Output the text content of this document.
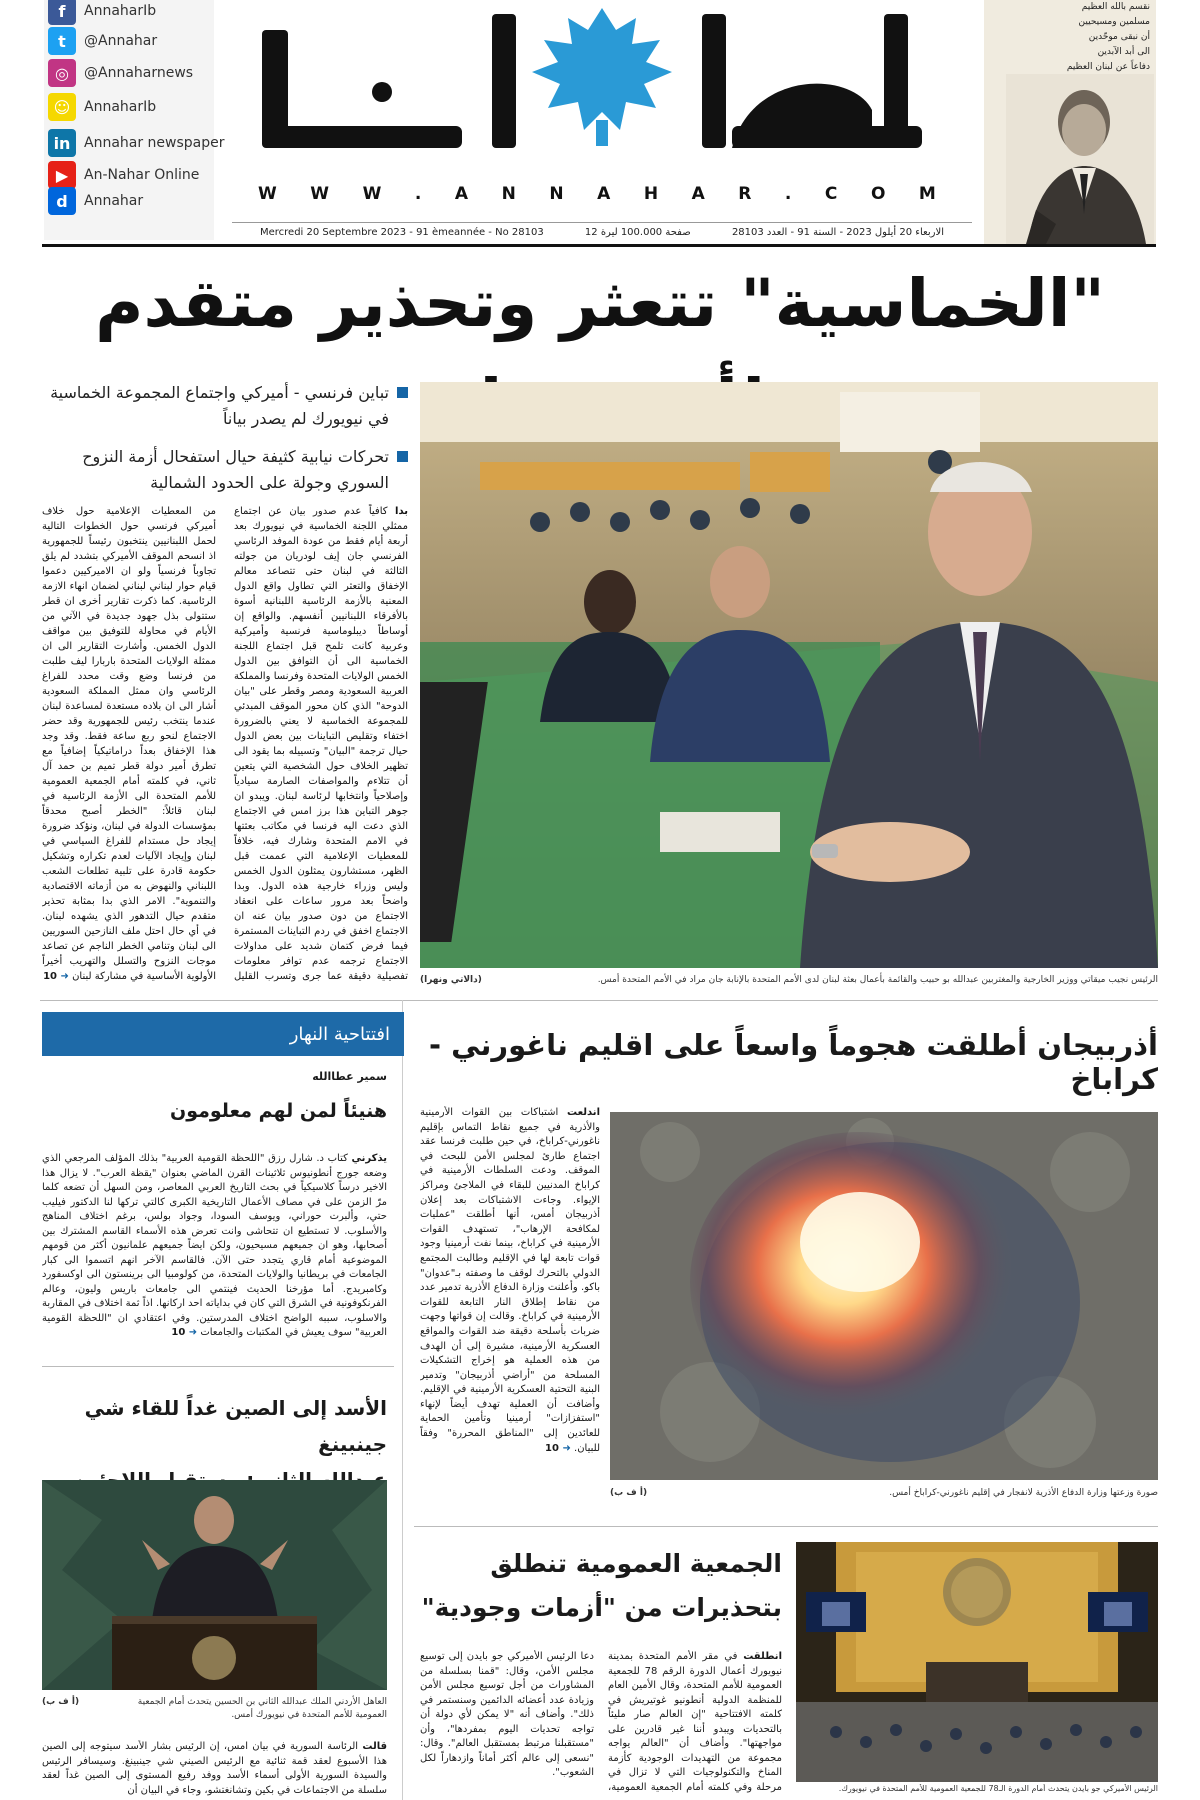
f	AnnaharIb
t	@Annahar
◎	@Annaharnews
☺ AnnaharIb
in Annahar newspaper
▶	An-Nahar Online
d	Annahar	W W W . A N N A H A R . C O M
Mercredi 20 Septembre 2023 - 91 èmeannée - No 28103	12 صفحة 100.000 ليرة	الاربعاء 20 أيلول 2023 - السنة 91 - العدد 28103
نقسم بالله العظيم
مسلمين ومسيحيين
أن نبقى موحّدين
الى أبد الآبدين
دفاعاً عن لبنان العظيم
"الخماسية" تتعثر وتحذير متقدم
تباين فرنسي - أميركي واجتماع المجموعة الخماسية في نيويورك لم يصدر بياناً
تحركات نيابية كثيفة حيال استفحال أزمة النزوح السوري وجولة على الحدود الشمالية
بدا كافياً عدم صدور بيان عن اجتماع ممثلي اللجنة الخماسية في نيويورك بعد أربعة أيام فقط من عودة الموفد الرئاسي الفرنسي جان إيف لودريان من جولته الثالثة في لبنان حتى تتصاعد معالم الإخفاق والتعثر التي تطاول واقع الدول المعنية بالأزمة الرئاسية اللبنانية أسوة بالأفرقاء اللبنانيين أنفسهم. والواقع إن أوساطاً ديبلوماسية فرنسية وأميركية وعربية كانت تلمح قبل اجتماع اللجنة الخماسية الى أن التوافق بين الدول الخمس الولايات المتحدة وفرنسا والمملكة العربية السعودية ومصر وقطر على "بيان الدوحة" الذي كان محور الموقف المبدئي للمجموعة الخماسية لا يعني بالضرورة اختفاء وتقليص التباينات بين بعض الدول حيال ترجمة "البيان" وتسييله بما يقود الى تظهير الخلاف حول الشخصية التي يتعين أن تتلاءم والمواصفات الصارمة سيادياً وإصلاحياً وانتخابها لرئاسة لبنان. ويبدو ان جوهر التباين هذا برز امس في الاجتماع الذي دعت اليه فرنسا في مكاتب بعثتها في الامم المتحدة وشارك فيه، خلافاً للمعطيات الإعلامية التي عممت قبل الظهر، مستشارون يمثلون الدول الخمس وليس وزراء خارجية هذه الدول. وبدا واضحاً بعد مرور ساعات على انعقاد الاجتماع من دون صدور بيان عنه ان الاجتماع اخفق في ردم التباينات المستمرة فيما فرض كتمان شديد على مداولات الاجتماع ترجمه عدم توافر معلومات تفصيلية دقيقة عما جرى وتسرب القليل من المعطيات الإعلامية حول خلاف أميركي فرنسي حول الخطوات التالية لحمل اللبنانيين ينتخبون رئيساً للجمهورية اذ انسحم الموقف الأميركي بتشدد لم يلق تجاوباً فرنسياً ولو ان الاميركيين دعموا قيام حوار لبناني لبناني لضمان انهاء الازمة الرئاسية. كما ذكرت تقارير أخرى ان قطر ستتولى بذل جهود جديدة في الآتي من الأيام في محاولة للتوفيق بين مواقف الدول الخمس. وأشارت التقارير الى ان ممثلة الولايات المتحدة باربارا ليف طلبت من فرنسا وضع وقت محدد للفراغ الرئاسي وان ممثل المملكة السعودية أشار الى ان بلاده مستعدة لمساعدة لبنان عندما ينتخب رئيس للجمهورية وقد حضر الاجتماع لنحو ربع ساعة فقط. وقد وجد هذا الإخفاق بعداً دراماتيكياً إضافياً مع تطرق أمير دولة قطر تميم بن حمد آل ثاني، في كلمته أمام الجمعية العمومية للأمم المتحدة الى الأزمة الرئاسية في لبنان قائلاً: "الخطر أصبح محدقاً بمؤسسات الدولة في لبنان، ونؤكد ضرورة إيجاد حل مستدام للفراغ السياسي في لبنان وإيجاد الآليات لعدم تكراره وتشكيل حكومة قادرة على تلبية تطلعات الشعب اللبناني والنهوض به من أزماته الاقتصادية والتنموية". الامر الذي بدا بمثابة تحذير متقدم حيال التدهور الذي يشهده لبنان. في أي حال احتل ملف النازحين السوريين الى لبنان وتنامي الخطر الناجم عن تصاعد موجات النزوح والتسلل والتهريب أخيراً الأولوية الأساسية في مشاركة لبنان ➜ 10	الرئيس نجيب ميقاتي ووزير الخارجية والمغتربين عبدالله بو حبيب والقائمة بأعمال بعثة لبنان لدى الأمم المتحدة بالإنابة جان مراد في الأمم المتحدة أمس.
(دالاتي ونهرا)
افتتاحية النهار
سمير عطاالله
هنيئاً لمن لهم معلومون
يذكرني كتاب د. شارل رزق "اللحظة القومية العربية" بذلك المؤلف المرجعي الذي وضعه جورج أنطونيوس ثلاثينات القرن الماضي بعنوان "يقظة العرب". لا يزال هذا الاخير درساً كلاسيكياً في بحث التاريخ العربي المعاصر، ومن السهل أن تضعه كلما مرّ الزمن على في مصاف الأعمال التاريخية الكبرى كالتي تركها لنا الدكتور فيليب حتي، وألبرت حوراني، ويوسف السودا، وجواد بولس، برغم اختلاف المناهج والأسلوب. لا تستطيع ان تتحاشى وانت تعرض هذه الأسماء القاسم المشترك بين أصحابها، وهو ان جميعهم مسيحيون، ولكن ايضاً جميعهم علمانيون أكثر من قومهم الموضوعية أمام قاري يتجدد حتى الآن. فالقاسم الآخر انهم اتسموا الى كبار الجامعات في بريطانيا والولايات المتحدة، من كولومبيا الى برينستون الى اوكسفورد وكامبريدج. أما مؤرخنا الحديث فينتمي الى جامعات باريس وليون، وعالم الفرنكوفونية في الشرق التي كان في بداياته احد اركانها. اذاً ثمة اختلاف في المقاربة والاسلوب، سببه الواضح اختلاف المدرستين. وفي اعتقادي ان "اللحظة القومية العربية" سوف يعيش في المكتبات والجامعات ➜ 10
الأسد إلى الصين غداً للقاء شي جينبينغ
العاهل الأردني الملك عبدالله الثاني بن الحسين يتحدث أمام الجمعية العمومية للأمم المتحدة في نيويورك أمس.
(أ ف ب)
قالت الرئاسة السورية في بيان امس، إن الرئيس بشار الأسد سيتوجه إلى الصين هذا الأسبوع لعقد قمة ثنائية مع الرئيس الصيني شي جينبينغ. وسيسافر الرئيس والسيدة السورية الأولى أسماء الأسد ووفد رفيع المستوى إلى الصين غداً لعقد سلسلة من الاجتماعات في بكين وتشانغتشو، وجاء في البيان أن
أذربيجان أطلقت هجوماً واسعاً على اقليم ناغورني - كراباخ
اندلعت اشتباكات بين القوات الأرمينية والأذرية في جميع نقاط التماس بإقليم ناغورني-كراباخ، في حين طلبت فرنسا عقد اجتماع طارئ لمجلس الأمن للبحث في الموقف. ودعت السلطات الأرمينية في كراباخ المدنيين للبقاء في الملاجئ ومراكز الإيواء. وجاءت الاشتباكات بعد إعلان أذربيجان أمس، أنها أطلقت "عمليات لمكافحة الإرهاب"، تستهدف القوات الأرمينية في كراباخ، بينما نفت أرمينيا وجود قوات تابعة لها في الإقليم وطالبت المجتمع الدولي بالتحرك لوقف ما وصفته بـ"عدوان" باكو. وأعلنت وزارة الدفاع الأذرية تدمير عدد من نقاط إطلاق النار التابعة للقوات الأرمينية في كراباخ. وقالت إن قواتها وجهت ضربات بأسلحة دقيقة ضد القوات والمواقع العسكرية الأرمينية، مشيرة إلى أن الهدف من هذه العملية هو إخراج التشكيلات المسلحة من "أراضي أذربيجان" وتدمير البنية التحتية العسكرية الأرمينية في الإقليم. وأضافت أن العملية تهدف أيضاً لإنهاء "استفزازات" أرمينيا وتأمين الحماية للعائدين إلى "المناطق المحررة" وفقاً للبيان. ➜ 10
صورة وزعتها وزارة الدفاع الأذرية لانفجار في إقليم ناغورني-كراباخ أمس.
(أ ف ب)
الجمعية العمومية تنطلق
بتحذيرات من "أزمات وجودية"
الرئيس الأميركي جو بايدن يتحدث أمام الدورة الـ78 للجمعية العمومية للأمم المتحدة في نيويورك.
انطلقت في مقر الأمم المتحدة بمدينة نيويورك أعمال الدورة الرقم 78 للجمعية العمومية للأمم المتحدة، وقال الأمين العام للمنظمة الدولية أنطونيو غوتيريش في كلمته الافتتاحية "إن العالم صار مليئاً بالتحديات ويبدو أننا غير قادرين على مواجهتها". وأضاف أن "العالم يواجه مجموعة من التهديدات الوجودية كأزمة المناخ والتكنولوجيات التي لا تزال في مرحلة وفي كلمته أمام الجمعية العمومية، دعا الرئيس الأميركي جو بايدن إلى توسيع مجلس الأمن، وقال: "قمنا بسلسلة من المشاورات من أجل توسيع مجلس الأمن وزيادة عدد أعضائه الدائمين وسنستمر في ذلك". وأضاف أنه "لا يمكن لأي دولة أن تواجه تحديات اليوم بمفردها"، وأن "مستقبلنا مرتبط بمستقبل العالم". وقال: "نسعى إلى عالم أكثر أماناً وازدهاراً لكل الشعوب".
